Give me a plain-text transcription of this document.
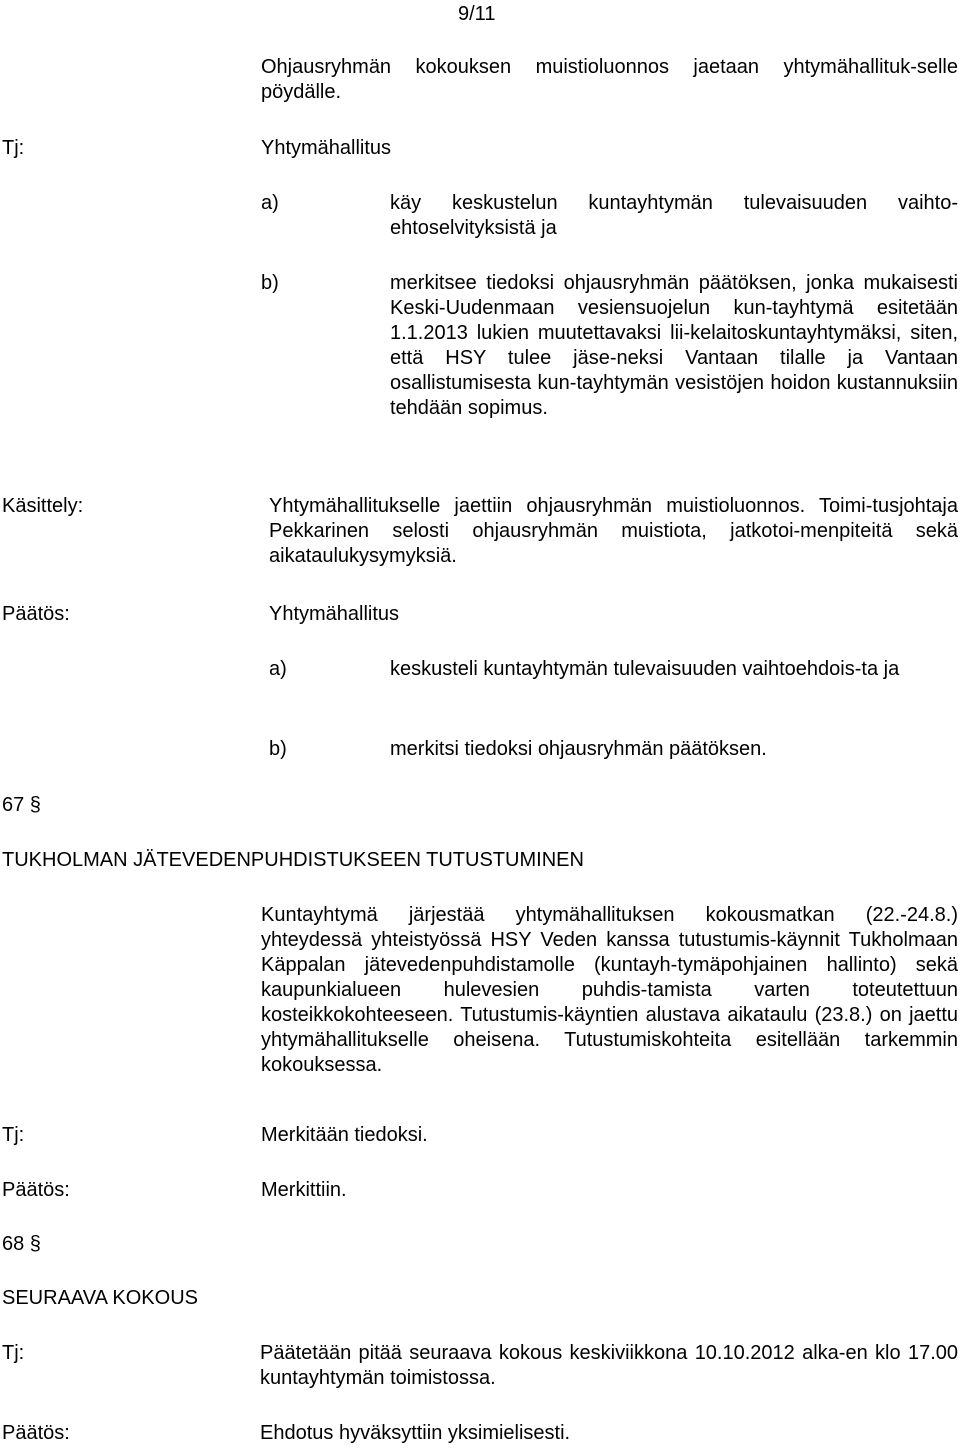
9/11
Ohjausryhmän kokouksen muistioluonnos jaetaan yhtymähallituk-selle pöydälle.
Tj:	Yhtymähallitus
a)	käy keskustelun kuntayhtymän tulevaisuuden vaihto-ehtoselvityksistä ja
b)	merkitsee tiedoksi ohjausryhmän päätöksen, jonka mukaisesti Keski-Uudenmaan vesiensuojelun kun-tayhtymä esitetään 1.1.2013 lukien muutettavaksi lii-kelaitoskuntayhtymäksi, siten, että HSY tulee jäse-neksi Vantaan tilalle ja Vantaan osallistumisesta kun-tayhtymän vesistöjen hoidon kustannuksiin tehdään sopimus.
Käsittely:	Yhtymähallitukselle jaettiin ohjausryhmän muistioluonnos. Toimi-tusjohtaja Pekkarinen selosti ohjausryhmän muistiota, jatkotoi-menpiteitä sekä aikataulukysymyksiä.
Päätös:	Yhtymähallitus
a)	keskusteli kuntayhtymän tulevaisuuden vaihtoehdois-ta ja
b)	merkitsi tiedoksi ohjausryhmän päätöksen.
67 §
TUKHOLMAN JÄTEVEDENPUHDISTUKSEEN TUTUSTUMINEN
Kuntayhtymä järjestää yhtymähallituksen kokousmatkan (22.-24.8.) yhteydessä yhteistyössä HSY Veden kanssa tutustumis-käynnit Tukholmaan Käppalan jätevedenpuhdistamolle (kuntayh-tymäpohjainen hallinto) sekä kaupunkialueen hulevesien puhdis-tamista varten toteutettuun kosteikkokohteeseen. Tutustumis-käyntien alustava aikataulu (23.8.) on jaettu yhtymähallitukselle oheisena. Tutustumiskohteita esitellään tarkemmin kokouksessa.
Tj:	Merkitään tiedoksi.
Päätös:	Merkittiin.
68 §
SEURAAVA KOKOUS
Tj:	Päätetään pitää seuraava kokous keskiviikkona 10.10.2012 alka-en klo 17.00 kuntayhtymän toimistossa.
Päätös:	Ehdotus hyväksyttiin yksimielisesti.
